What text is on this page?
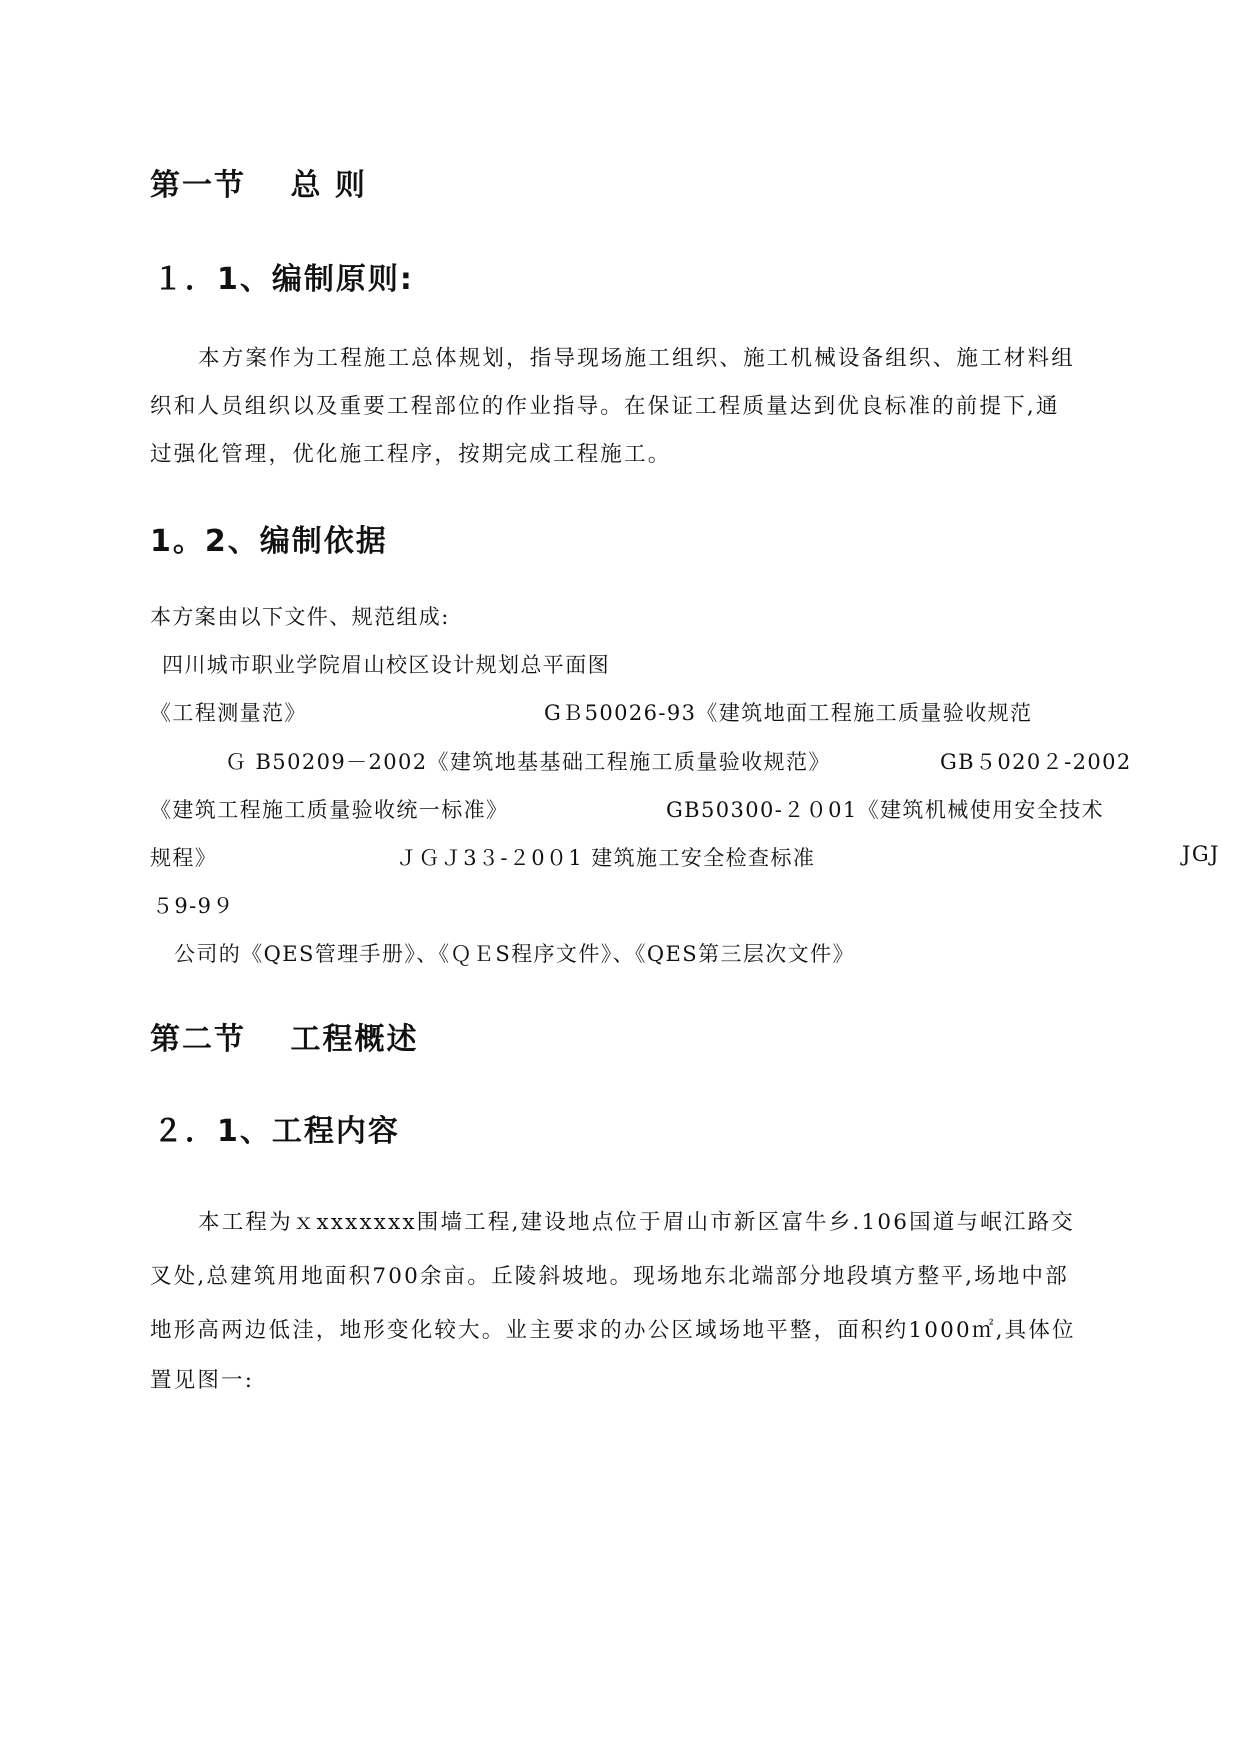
第一节　 总 则
１．1、编制原则:
本方案作为工程施工总体规划，指导现场施工组织、施工机械设备组织、施工材料组
织和人员组织以及重要工程部位的作业指导。在保证工程质量达到优良标准的前提下,通
过强化管理，优化施工程序，按期完成工程施工。
1。2、编制依据
本方案由以下文件、规范组成:
四川城市职业学院眉山校区设计规划总平面图
《工程测量范》	GＢ50026-93《建筑地面工程施工质量验收规范
Ｇ B50209－2002《建筑地基基础工程施工质量验收规范》	GB５020２-2002
《建筑工程施工质量验收统一标准》	GB50300-２０01《建筑机械使用安全技术
规程》	ＪＧＪ3３-２0０1 建筑施工安全检查标准	JGJ
５9-9９
公司的《QES管理手册》、《ＱＥS程序文件》、《QES第三层次文件》
第二节　 工程概述
２．1、工程内容
本工程为ｘxxxxxxx围墙工程,建设地点位于眉山市新区富牛乡.106国道与岷江路交
叉处,总建筑用地面积700余亩。丘陵斜坡地。现场地东北端部分地段填方整平,场地中部
地形高两边低洼，地形变化较大。业主要求的办公区域场地平整，面积约1000㎡,具体位
置见图一:
